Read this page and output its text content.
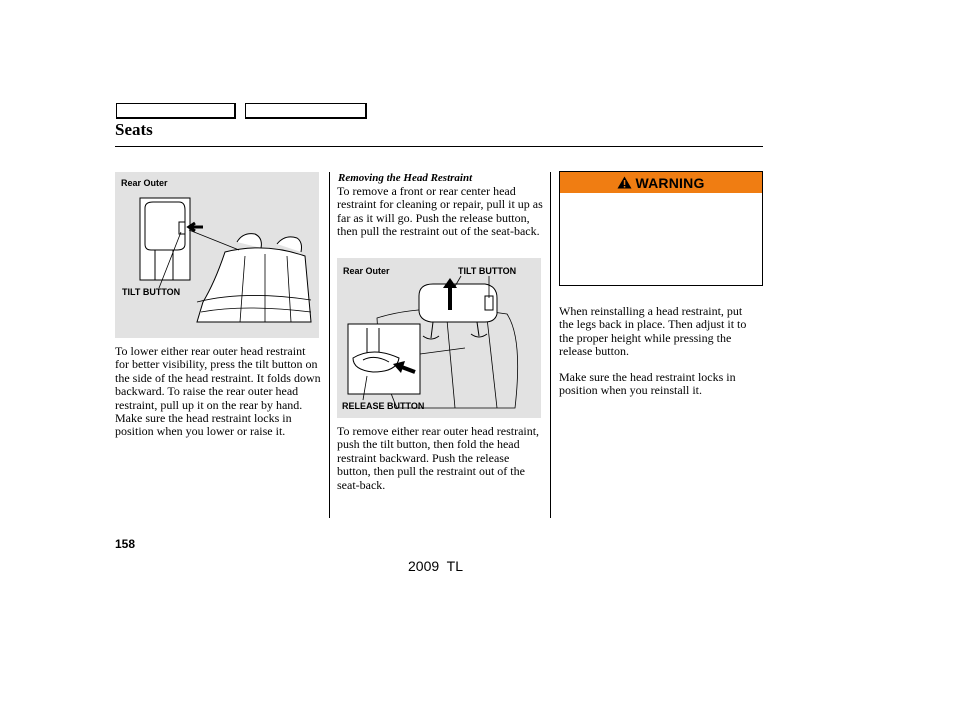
Seats
Rear Outer
TILT BUTTON
To lower either rear outer head restraint for better visibility, press the tilt button on the side of the head restraint. It folds down backward. To raise the rear outer head restraint, pull up it on the rear by hand. Make sure the head restraint locks in position when you lower or raise it.
Removing the Head Restraint
To remove a front or rear center head restraint for cleaning or repair, pull it up as far as it will go. Push the release button, then pull the restraint out of the seat-back.
Rear Outer	TILT BUTTON
RELEASE BUTTON
To remove either rear outer head restraint, push the tilt button, then fold the head restraint backward. Push the release button, then pull the restraint out of the seat-back.
WARNING
When reinstalling a head restraint, put the legs back in place. Then adjust it to the proper height while pressing the release button.
Make sure the head restraint locks in position when you reinstall it.
158
2009  TL
